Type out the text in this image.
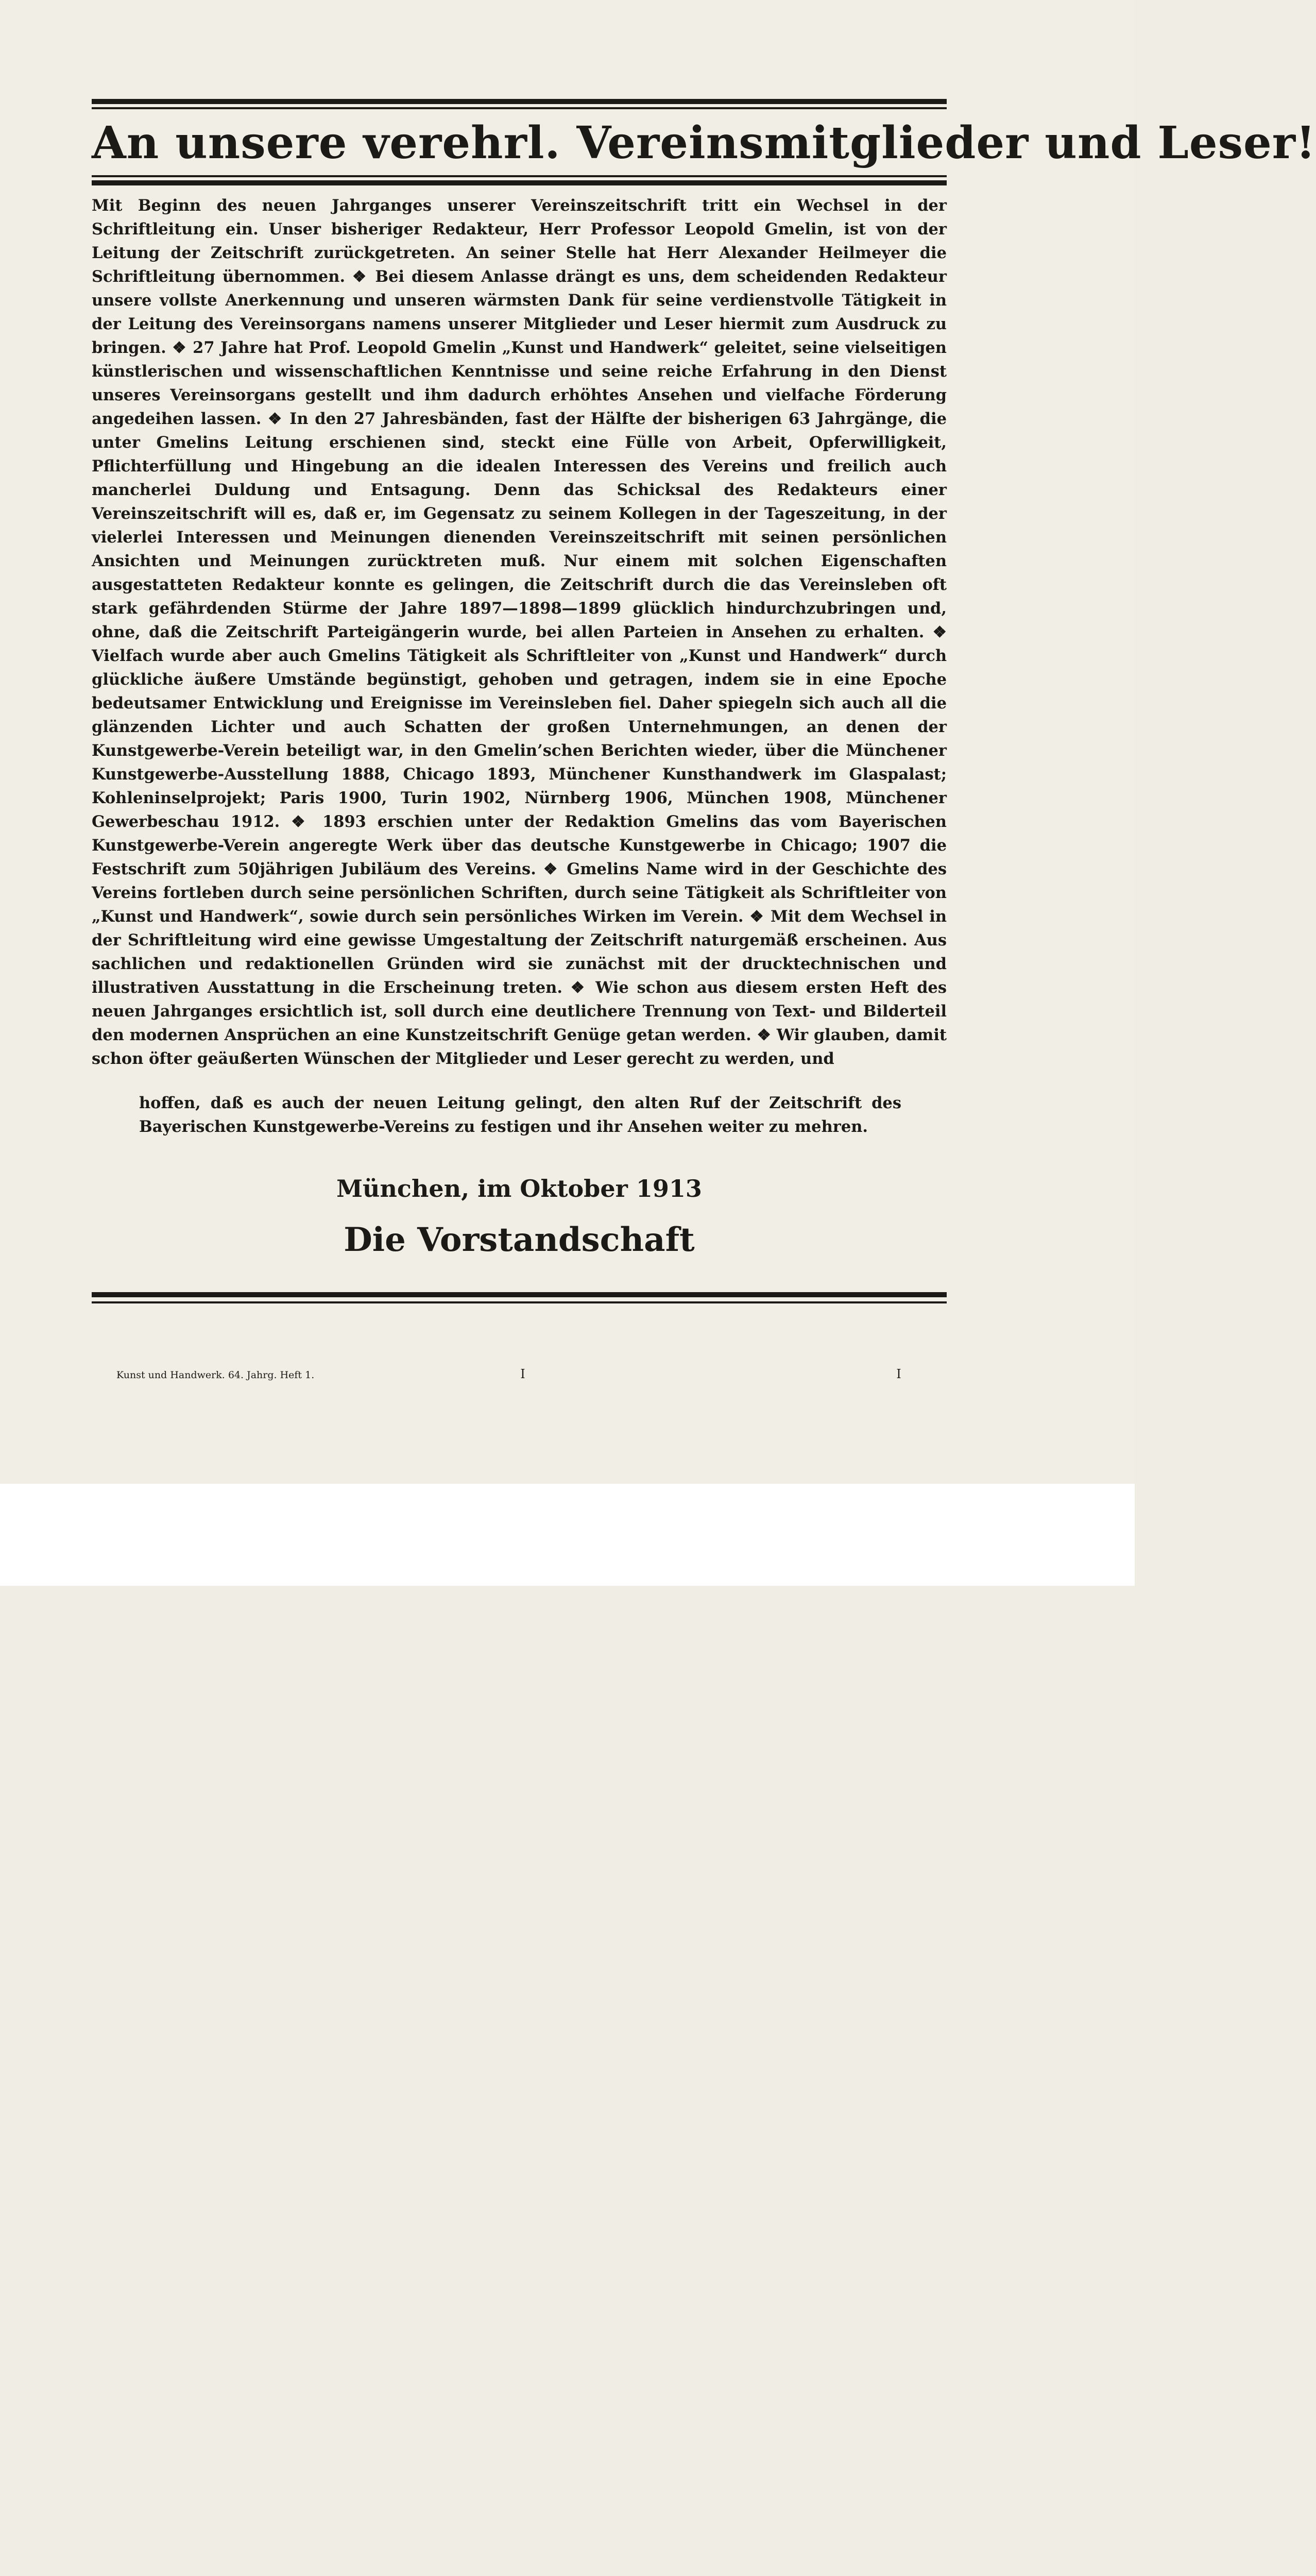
An unsere verehrl. Vereinsmitglieder und Leser!

Mit Beginn des neuen Jahrganges unserer Vereinszeitschrift tritt ein Wechsel in der Schriftleitung ein. Unser bisheriger Redakteur, Herr Professor Leopold Gmelin, ist von der Leitung der Zeitschrift zurückgetreten. An seiner Stelle hat Herr Alexander Heilmeyer die Schriftleitung übernommen. ❖ Bei diesem Anlasse drängt es uns, dem scheidenden Redakteur unsere vollste Anerkennung und unseren wärmsten Dank für seine verdienstvolle Tätigkeit in der Leitung des Vereinsorgans namens unserer Mitglieder und Leser hiermit zum Ausdruck zu bringen. ❖ 27 Jahre hat Prof. Leopold Gmelin „Kunst und Handwerk“ geleitet, seine vielseitigen künstlerischen und wissenschaftlichen Kenntnisse und seine reiche Erfahrung in den Dienst unseres Vereinsorgans gestellt und ihm dadurch erhöhtes Ansehen und vielfache Förderung angedeihen lassen. ❖ In den 27 Jahresbänden, fast der Hälfte der bisherigen 63 Jahrgänge, die unter Gmelins Leitung erschienen sind, steckt eine Fülle von Arbeit, Opferwilligkeit, Pflichterfüllung und Hingebung an die idealen Interessen des Vereins und freilich auch mancherlei Duldung und Entsagung. Denn das Schicksal des Redakteurs einer Vereinszeitschrift will es, daß er, im Gegensatz zu seinem Kollegen in der Tageszeitung, in der vielerlei Interessen und Meinungen dienenden Vereinszeitschrift mit seinen persönlichen Ansichten und Meinungen zurücktreten muß. Nur einem mit solchen Eigenschaften ausgestatteten Redakteur konnte es gelingen, die Zeitschrift durch die das Vereinsleben oft stark gefährdenden Stürme der Jahre 1897—1898—1899 glücklich hindurchzubringen und, ohne, daß die Zeitschrift Parteigängerin wurde, bei allen Parteien in Ansehen zu erhalten. ❖ Vielfach wurde aber auch Gmelins Tätigkeit als Schriftleiter von „Kunst und Handwerk“ durch glückliche äußere Umstände begünstigt, gehoben und getragen, indem sie in eine Epoche bedeutsamer Entwicklung und Ereignisse im Vereinsleben fiel. Daher spiegeln sich auch all die glänzenden Lichter und auch Schatten der großen Unternehmungen, an denen der Kunstgewerbe-Verein beteiligt war, in den Gmelin’schen Berichten wieder, über die Münchener Kunstgewerbe-Ausstellung 1888, Chicago 1893, Münchener Kunsthandwerk im Glaspalast; Kohleninselprojekt; Paris 1900, Turin 1902, Nürnberg 1906, München 1908, Münchener Gewerbeschau 1912. ❖ 1893 erschien unter der Redaktion Gmelins das vom Bayerischen Kunstgewerbe-Verein angeregte Werk über das deutsche Kunstgewerbe in Chicago; 1907 die Festschrift zum 50jährigen Jubiläum des Vereins. ❖ Gmelins Name wird in der Geschichte des Vereins fortleben durch seine persönlichen Schriften, durch seine Tätigkeit als Schriftleiter von „Kunst und Handwerk“, sowie durch sein persönliches Wirken im Verein. ❖ Mit dem Wechsel in der Schriftleitung wird eine gewisse Umgestaltung der Zeitschrift naturgemäß erscheinen. Aus sachlichen und redaktionellen Gründen wird sie zunächst mit der drucktechnischen und illustrativen Ausstattung in die Erscheinung treten. ❖ Wie schon aus diesem ersten Heft des neuen Jahrganges ersichtlich ist, soll durch eine deutlichere Trennung von Text- und Bilderteil den modernen Ansprüchen an eine Kunstzeitschrift Genüge getan werden. ❖ Wir glauben, damit schon öfter geäußerten Wünschen der Mitglieder und Leser gerecht zu werden, und

hoffen, daß es auch der neuen Leitung gelingt, den alten Ruf der Zeitschrift des Bayerischen Kunstgewerbe-Vereins zu festigen und ihr Ansehen weiter zu mehren.

München, im Oktober 1913
Die Vorstandschaft
Kunst und Handwerk. 64. Jahrg. Heft 1.	I	I
